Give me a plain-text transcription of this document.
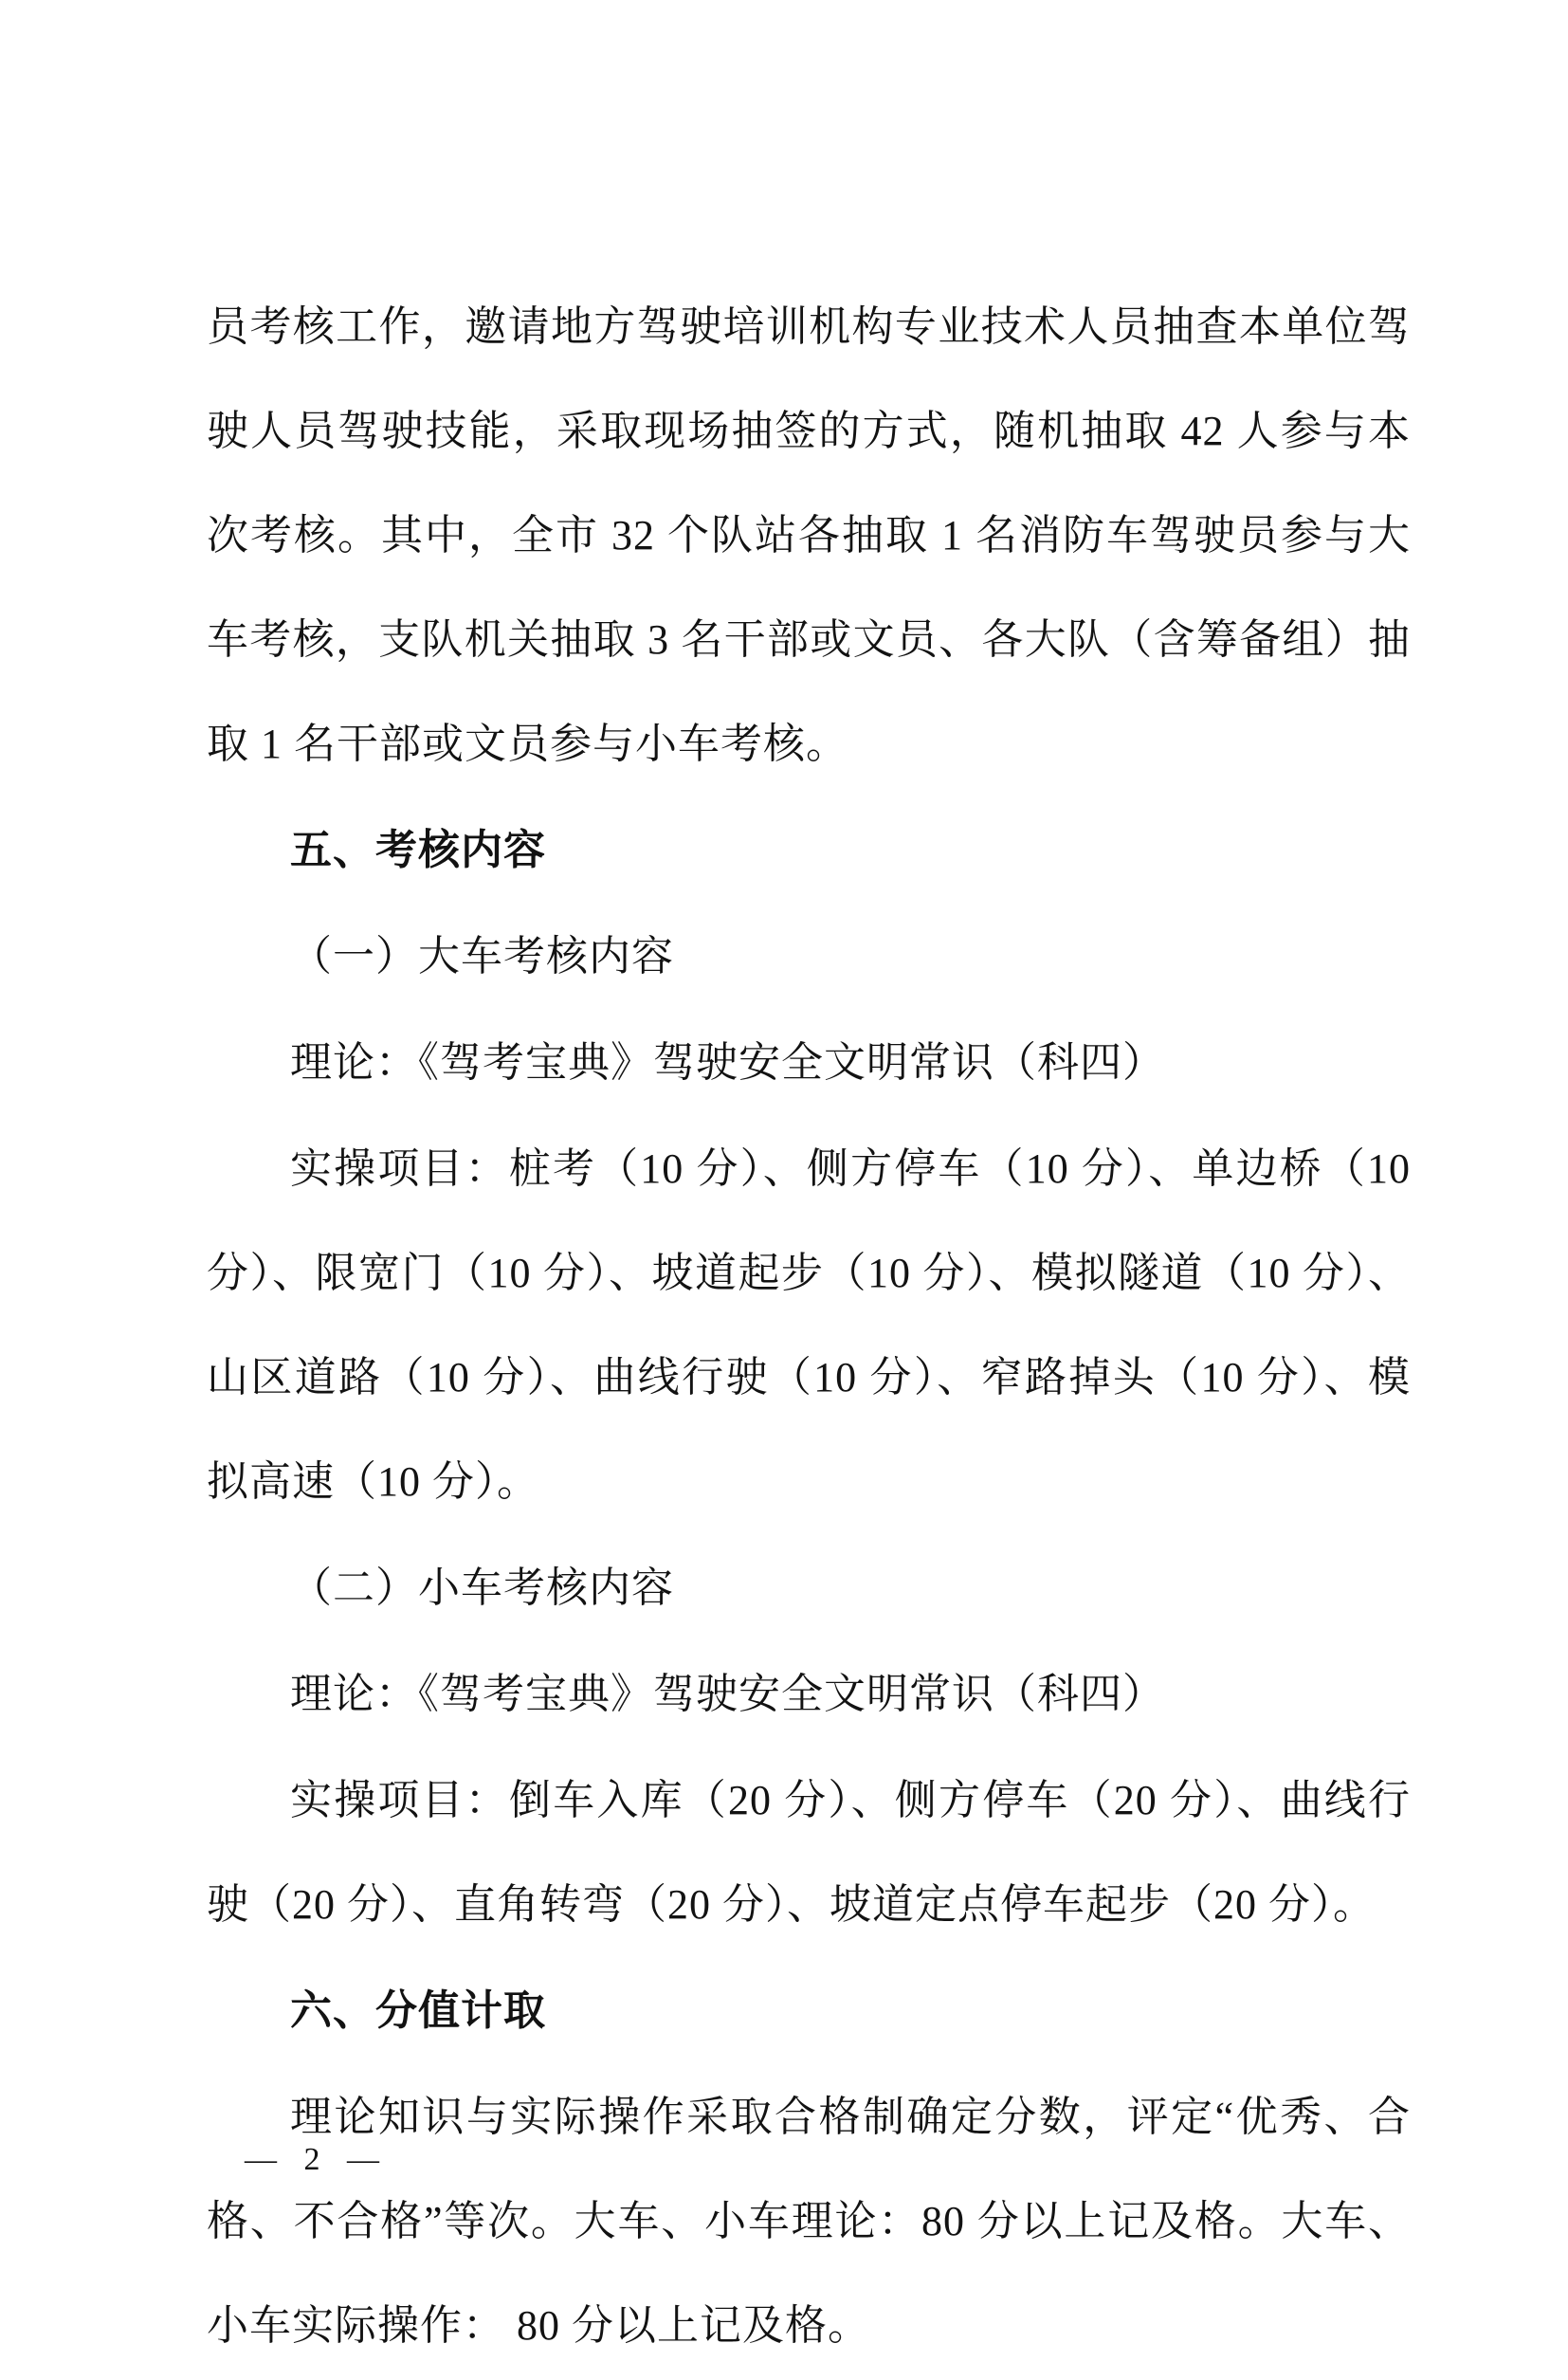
员考核工作，邀请地方驾驶培训机构专业技术人员抽查本单位驾驶人员驾驶技能，采取现场抽签的方式，随机抽取 42 人参与本次考核。其中，全市 32 个队站各抽取 1 名消防车驾驶员参与大车考核，支队机关抽取 3 名干部或文员、各大队（含筹备组）抽取 1 名干部或文员参与小车考核。

五、考核内容

（一）大车考核内容

理论：《驾考宝典》驾驶安全文明常识（科四）

实操项目：桩考（10 分）、侧方停车（10 分）、单边桥（10 分）、限宽门（10 分）、坡道起步（10 分）、模拟隧道（10 分）、山区道路（10 分）、曲线行驶（10 分）、窄路掉头（10 分）、模拟高速（10 分）。

（二）小车考核内容

理论：《驾考宝典》驾驶安全文明常识（科四）

实操项目：倒车入库（20 分）、侧方停车（20 分）、曲线行驶（20 分）、直角转弯（20 分）、坡道定点停车起步（20 分）。

六、分值计取

理论知识与实际操作采取合格制确定分数，评定“优秀、合格、不合格”等次。大车、小车理论：80 分以上记及格。大车、小车实际操作： 80 分以上记及格。

— 2 —
